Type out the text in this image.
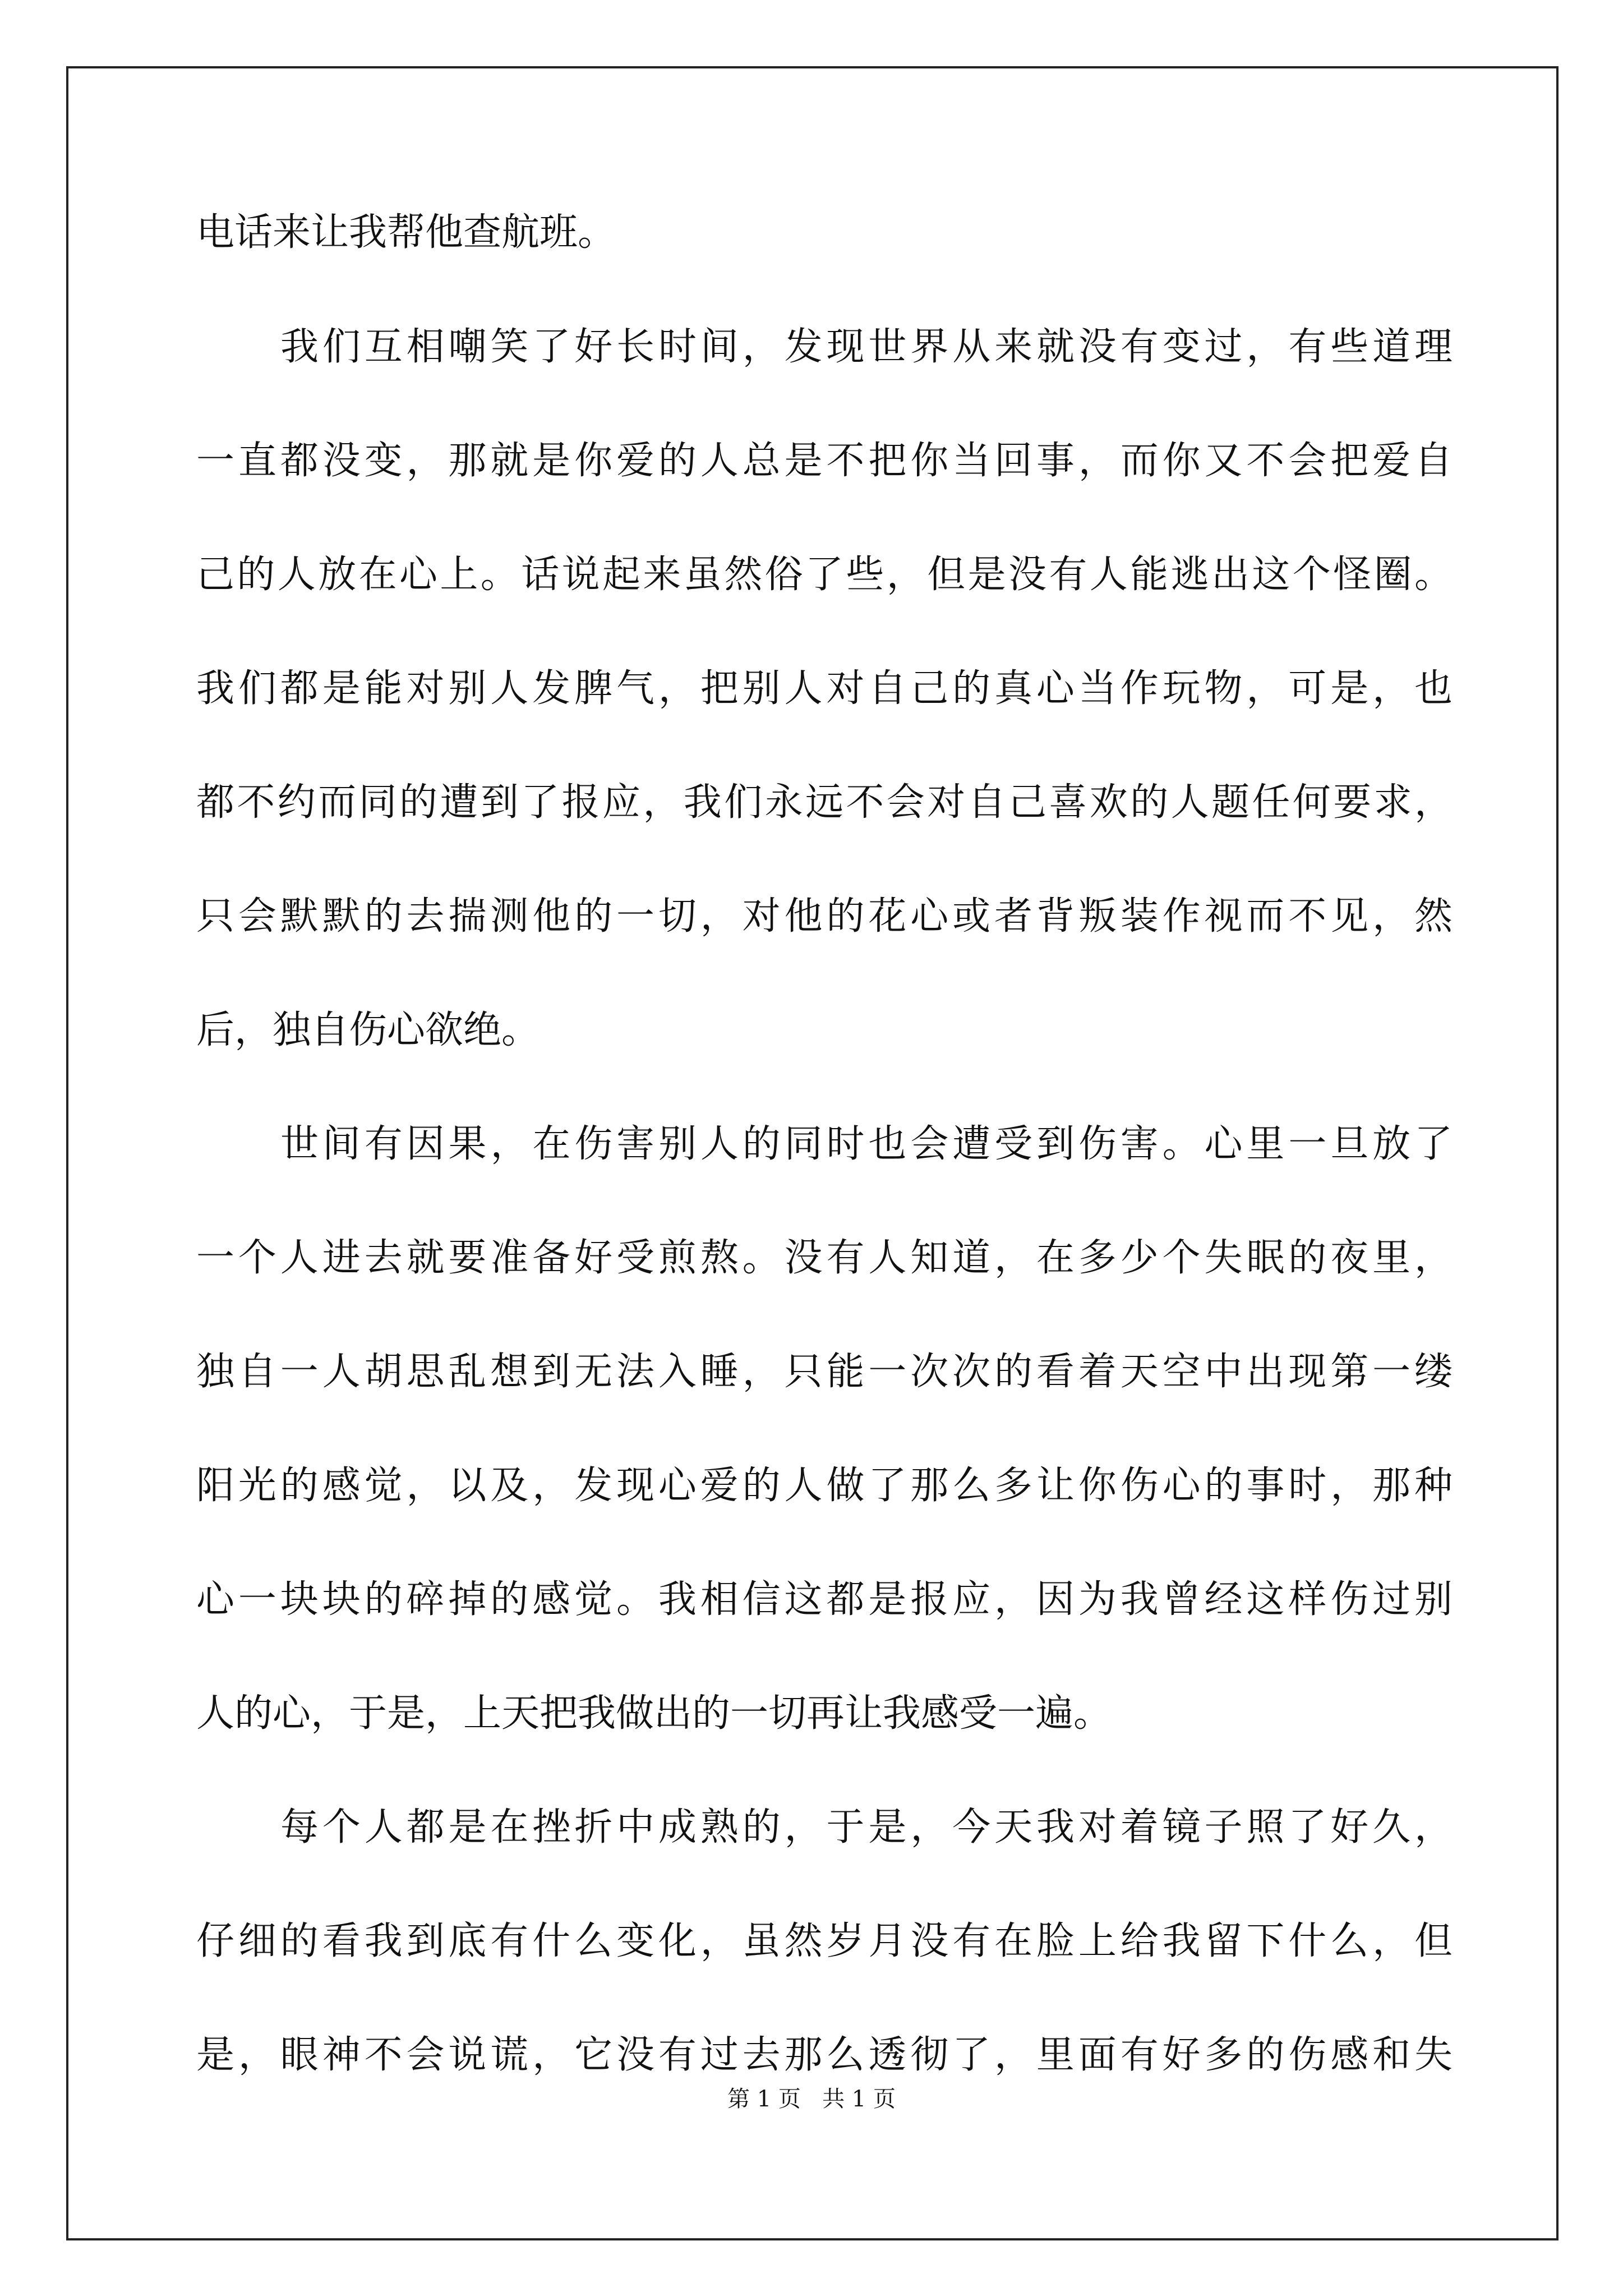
电话来让我帮他查航班。
我们互相嘲笑了好长时间，发现世界从来就没有变过，有些道理
一直都没变，那就是你爱的人总是不把你当回事，而你又不会把爱自
己的人放在心上。话说起来虽然俗了些，但是没有人能逃出这个怪圈。
我们都是能对别人发脾气，把别人对自己的真心当作玩物，可是，也
都不约而同的遭到了报应，我们永远不会对自己喜欢的人题任何要求，
只会默默的去揣测他的一切，对他的花心或者背叛装作视而不见，然
后，独自伤心欲绝。
世间有因果，在伤害别人的同时也会遭受到伤害。心里一旦放了
一个人进去就要准备好受煎熬。没有人知道，在多少个失眠的夜里，
独自一人胡思乱想到无法入睡，只能一次次的看着天空中出现第一缕
阳光的感觉，以及，发现心爱的人做了那么多让你伤心的事时，那种
心一块块的碎掉的感觉。我相信这都是报应，因为我曾经这样伤过别
人的心，于是，上天把我做出的一切再让我感受一遍。
每个人都是在挫折中成熟的，于是，今天我对着镜子照了好久，
仔细的看我到底有什么变化，虽然岁月没有在脸上给我留下什么，但
是，眼神不会说谎，它没有过去那么透彻了，里面有好多的伤感和失
第 1 页   共 1 页
